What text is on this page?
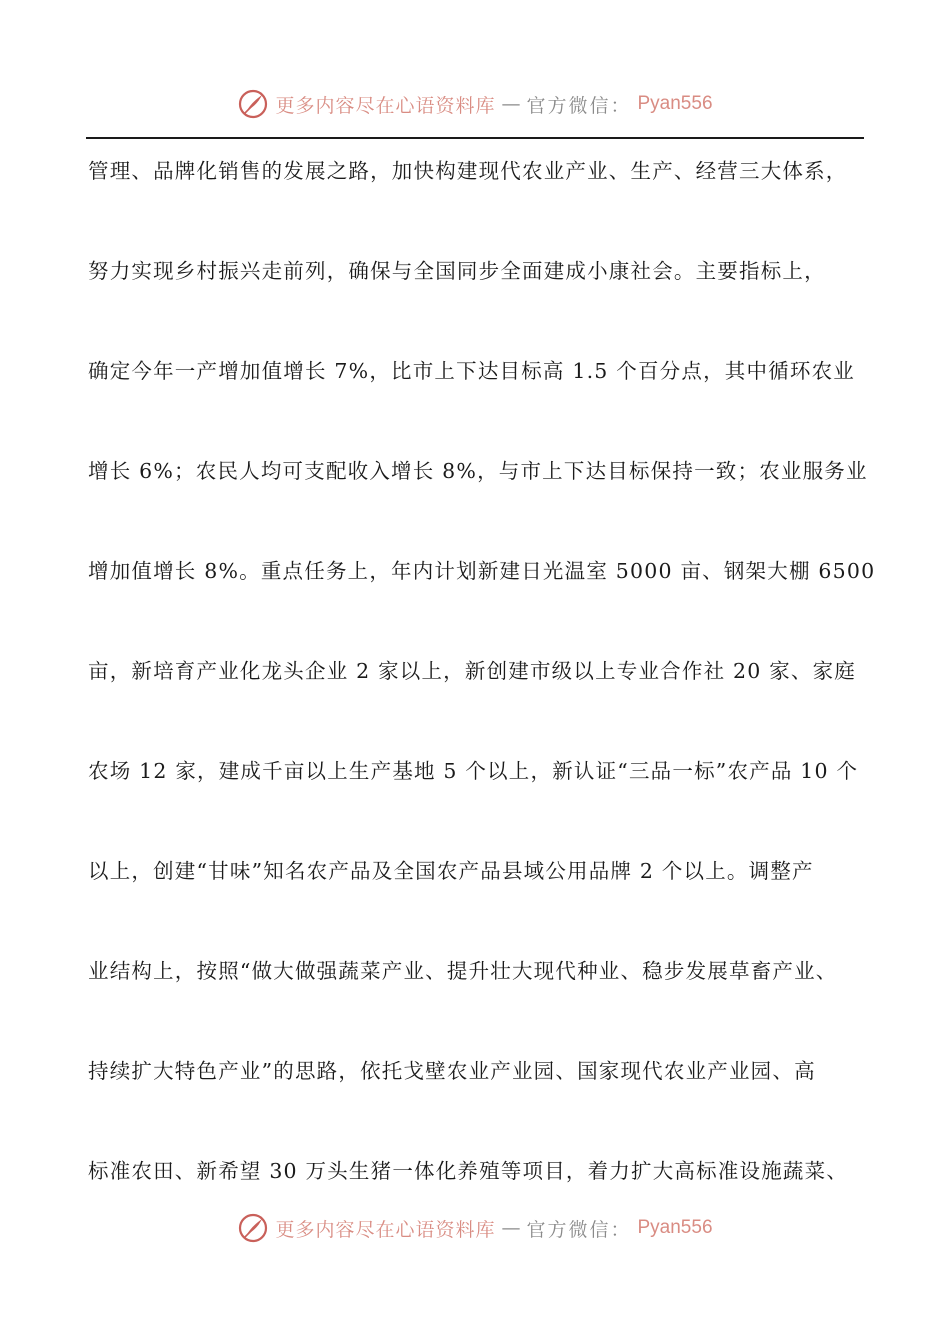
更多内容尽在心语资料库 — 官方微信： Pyan556
管理、品牌化销售的发展之路，加快构建现代农业产业、生产、经营三大体系，
努力实现乡村振兴走前列，确保与全国同步全面建成小康社会。主要指标上，
确定今年一产增加值增长 7%，比市上下达目标高 1.5 个百分点，其中循环农业
增长 6%；农民人均可支配收入增长 8%，与市上下达目标保持一致；农业服务业
增加值增长 8%。重点任务上，年内计划新建日光温室 5000 亩、钢架大棚 6500
亩，新培育产业化龙头企业 2 家以上，新创建市级以上专业合作社 20 家、家庭
农场 12 家，建成千亩以上生产基地 5 个以上，新认证“三品一标”农产品 10 个
以上，创建“甘味”知名农产品及全国农产品县域公用品牌 2 个以上。调整产
业结构上，按照“做大做强蔬菜产业、提升壮大现代种业、稳步发展草畜产业、
持续扩大特色产业”的思路，依托戈壁农业产业园、国家现代农业产业园、高
标准农田、新希望 30 万头生猪一体化养殖等项目，着力扩大高标准设施蔬菜、
更多内容尽在心语资料库 — 官方微信： Pyan556
